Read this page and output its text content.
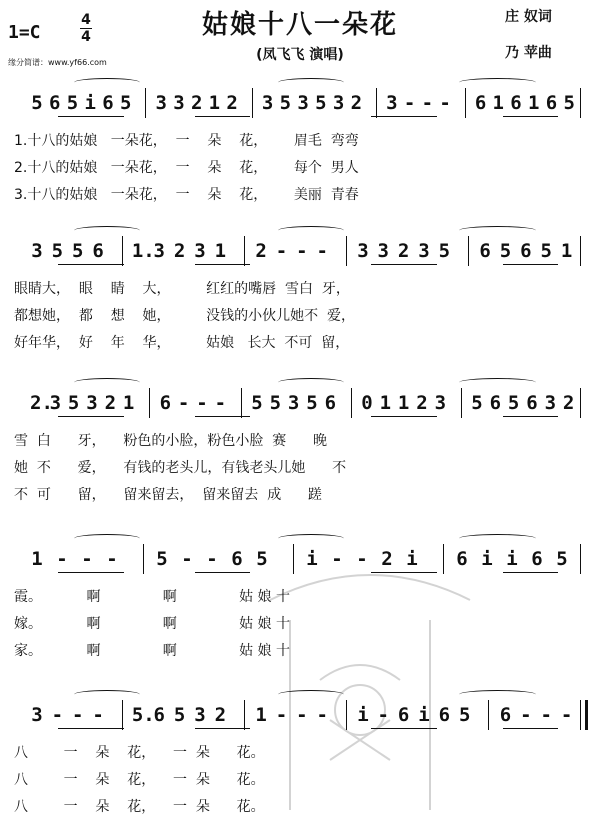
姑娘十八一朵花
1=C
4
4
缘分简谱：www.yf66.com	(凤飞飞 演唱)
庄 奴词
乃 苹曲
5 6 5 i 6 5 3 3 2 1 2 3 5 3 5 3 2 3 - - - 6 1 6 1 6 5
1.十八的姑娘   一朵花，  一    朵    花，      眉毛  弯弯
2.十八的姑娘   一朵花，  一    朵    花，      每个  男人
3.十八的姑娘   一朵花，  一    朵    花，      美丽  青春
3 5 5 6 1.
3 2 3 1 2 - - - 3 3 2 3 5 6 5 6 5 1
眼睛大，  眼    睛    大，        红红的嘴唇  雪白  牙，
都想她，  都    想    她，        没钱的小伙儿她不  爱，
好年华，  好    年    华，        姑娘   长大  不可  留，
2.
3 5 3 2 1 6 - - - 5 5 3 5 6 0 1 1 2 3 5 6 5 6 3 2
雪  白      牙，    粉色的小脸，粉色小脸  赛      晚
她  不      爱，    有钱的老头儿，有钱老头儿她      不
不  可      留，    留来留去，  留来留去  成      蹉
1 - - - 5 - - 6 5 i - - 2 i 6 i i 6 5
霞。          啊              啊              姑 娘 十
嫁。          啊              啊              姑 娘 十
家。          啊              啊              姑 娘 十
3 - - - 5.
6 5 3 2 1 - - - i - 6 i 6 5 6 - - -
八        一    朵    花，    一  朵      花。
八        一    朵    花，    一  朵      花。
八        一    朵    花，    一  朵      花。
